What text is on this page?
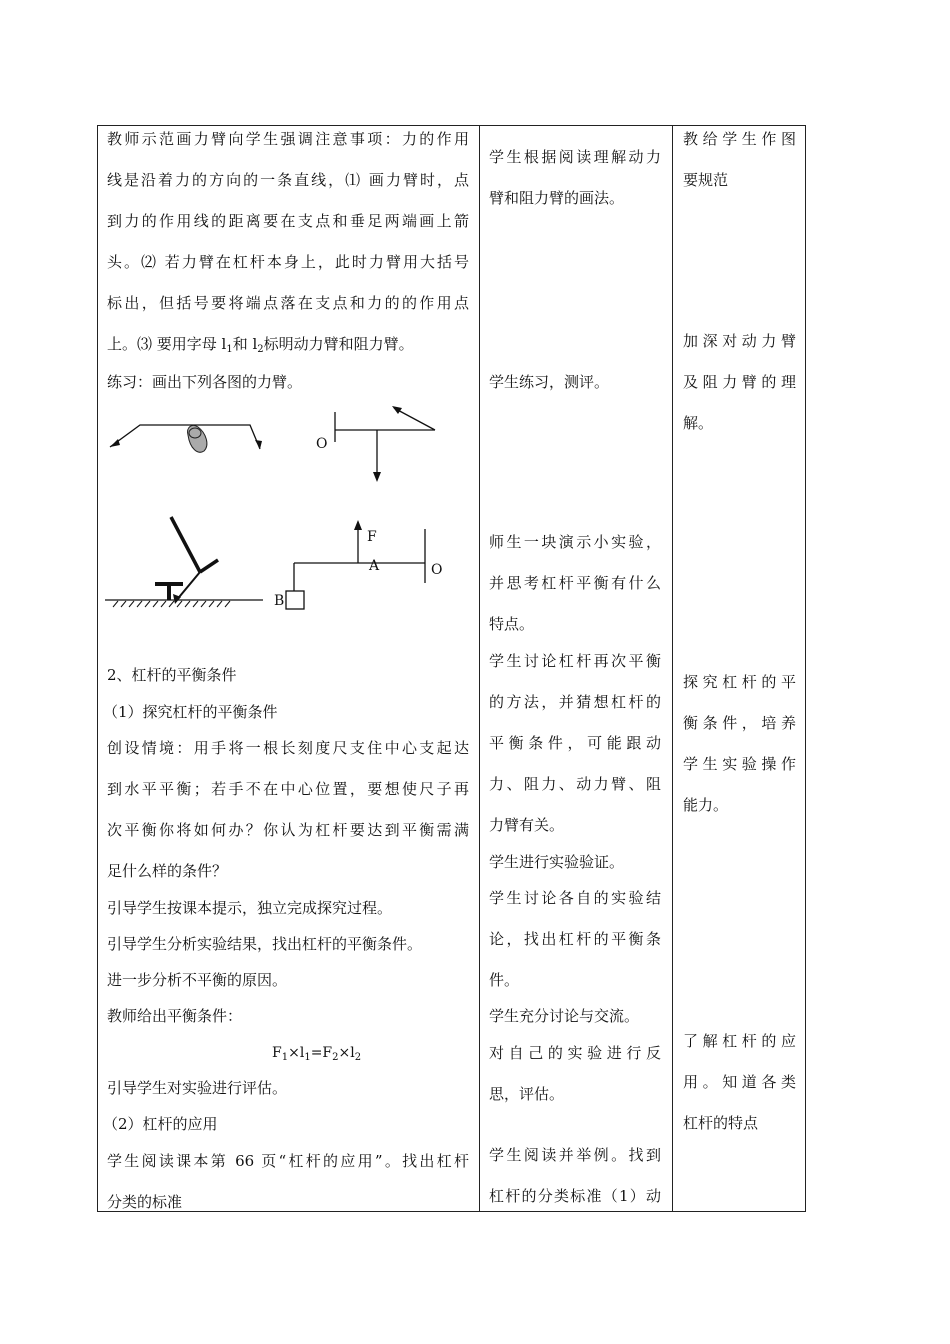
教师示范画力臂向学生强调注意事项：力的作用
线是沿着力的方向的一条直线，⑴ 画力臂时，点
到力的作用线的距离要在支点和垂足两端画上箭
头。⑵ 若力臂在杠杆本身上，此时力臂用大括号
标出，但括号要将端点落在支点和力的的作用点
上。⑶ 要用字母 $l_1$和 $l_2$标明动力臂和阻力臂。
练习：画出下列各图的力臂。
O
F
A	O
B
2、杠杆的平衡条件
（1）探究杠杆的平衡条件
创设情境：用手将一根长刻度尺支住中心支起达
到水平平衡；若手不在中心位置，要想使尺子再
次平衡你将如何办？你认为杠杆要达到平衡需满
足什么样的条件？
引导学生按课本提示，独立完成探究过程。
引导学生分析实验结果，找出杠杆的平衡条件。
进一步分析不平衡的原因。
教师给出平衡条件：
$F_1\times l_1=F_2\times l_2$
引导学生对实验进行评估。
（2）杠杆的应用
学生阅读课本第 66 页“杠杆的应用”。找出杠杆
分类的标准
学生根据阅读理解动力
臂和阻力臂的画法。
学生练习，测评。
师生一块演示小实验，
并思考杠杆平衡有什么
特点。
学生讨论杠杆再次平衡
的方法，并猜想杠杆的
平衡条件，可能跟动
力、阻力、动力臂、阻
力臂有关。
学生进行实验验证。
学生讨论各自的实验结
论，找出杠杆的平衡条
件。
学生充分讨论与交流。
对自己的实验进行反
思，评估。
学生阅读并举例。找到
杠杆的分类标准（1）动
教给学生作图
要规范
加深对动力臂
及阻力臂的理
解。
探究杠杆的平
衡条件，培养
学生实验操作
能力。
了解杠杆的应
用。知道各类
杠杆的特点
